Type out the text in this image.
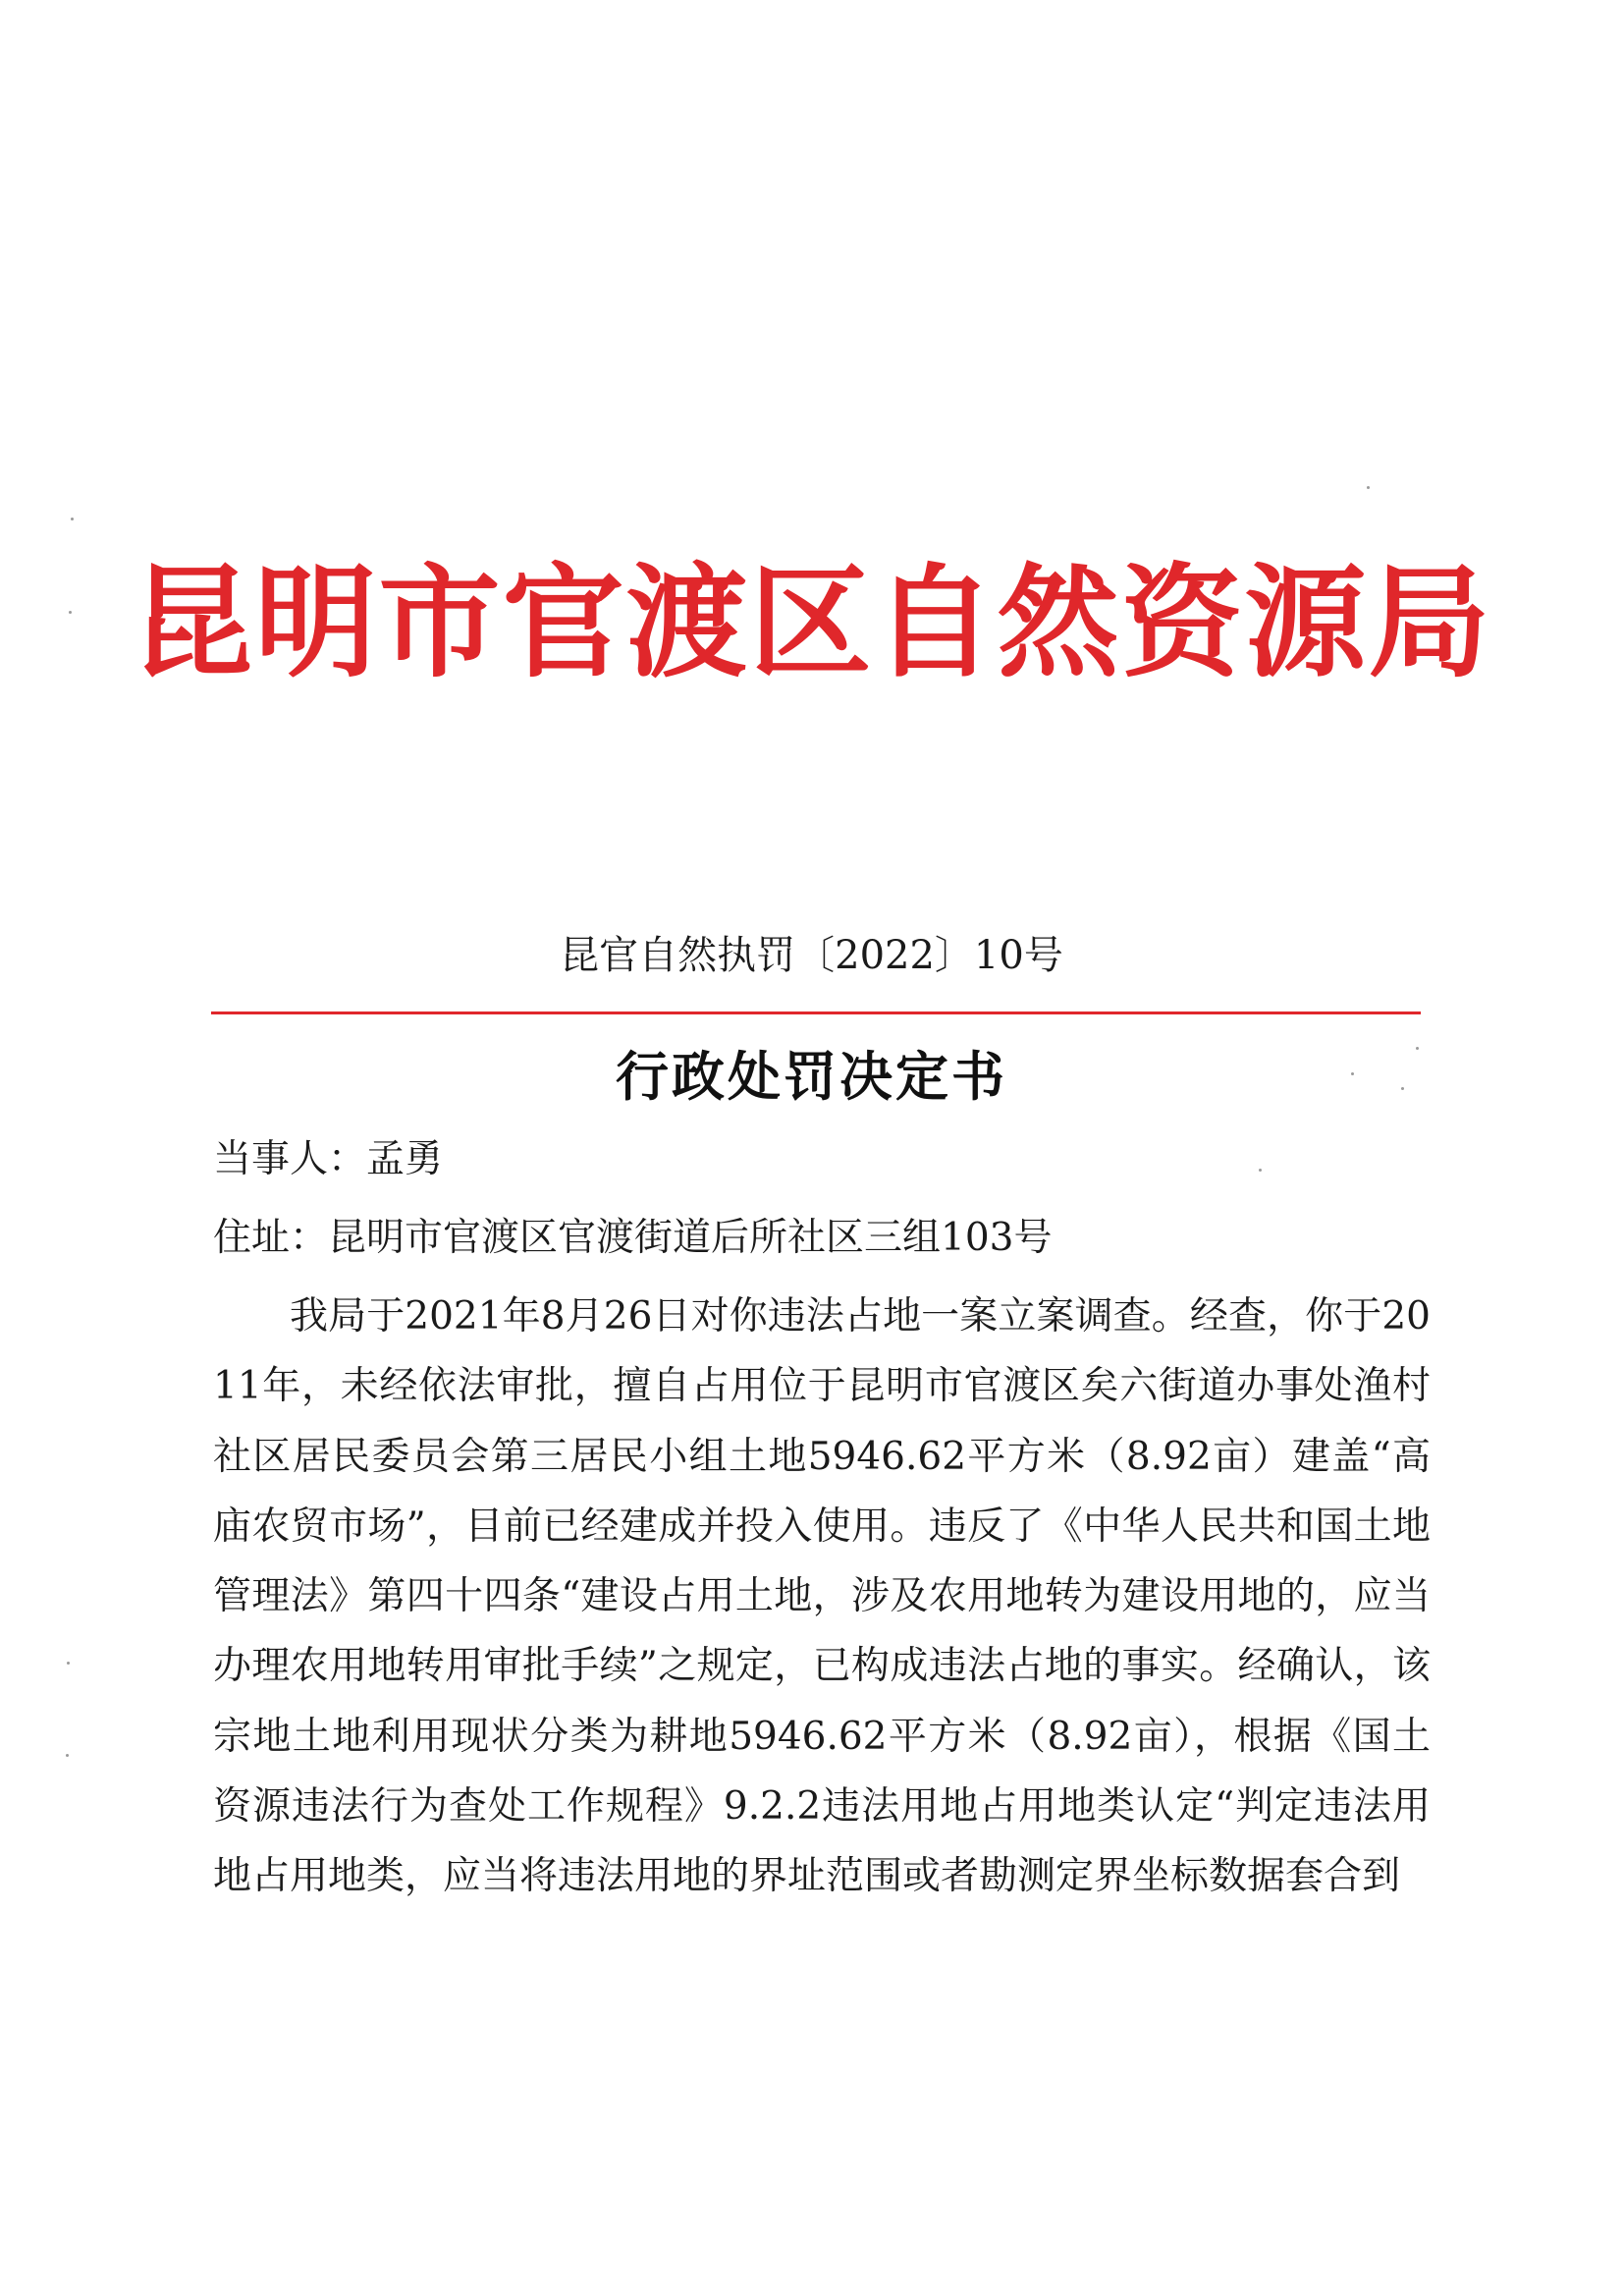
昆明市官渡区自然资源局
昆官自然执罚〔2022〕10号
行政处罚决定书
当事人：孟勇
住址：昆明市官渡区官渡街道后所社区三组103号

我局于2021年8月26日对你违法占地一案立案调查。经查，你于2011年，未经依法审批，擅自占用位于昆明市官渡区矣六街道办事处渔村社区居民委员会第三居民小组土地5946.62平方米（8.92亩）建盖“高庙农贸市场”，目前已经建成并投入使用。违反了《中华人民共和国土地管理法》第四十四条“建设占用土地，涉及农用地转为建设用地的，应当办理农用地转用审批手续”之规定，已构成违法占地的事实。经确认，该宗地土地利用现状分类为耕地5946.62平方米（8.92亩），根据《国土资源违法行为查处工作规程》9.2.2违法用地占用地类认定“判定违法用地占用地类，应当将违法用地的界址范围或者勘测定界坐标数据套合到
